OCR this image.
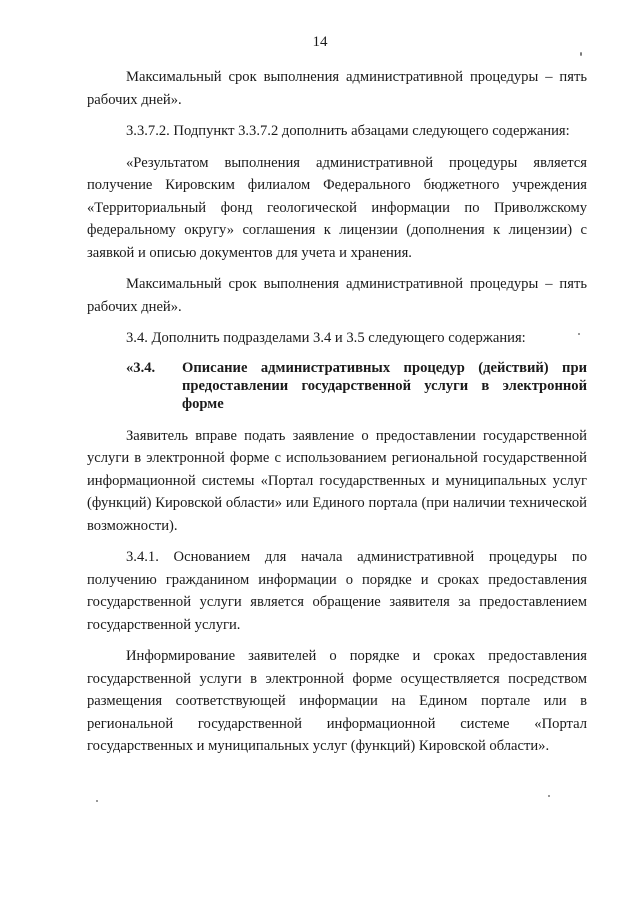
14

Максимальный срок выполнения административной процедуры – пять рабочих дней».

3.3.7.2. Подпункт 3.3.7.2 дополнить абзацами следующего содержания:

«Результатом выполнения административной процедуры является получение Кировским филиалом Федерального бюджетного учреждения «Территориальный фонд геологической информации по Приволжскому федеральному округу» соглашения к лицензии (дополнения к лицензии) с заявкой и описью документов для учета и хранения.

Максимальный срок выполнения административной процедуры – пять рабочих дней».

3.4. Дополнить подразделами 3.4 и 3.5 следующего содержания:

«3.4.	Описание административных процедур (действий) при предоставлении государственной услуги в электронной форме

Заявитель вправе подать заявление о предоставлении государственной услуги в электронной форме с использованием региональной государственной информационной системы «Портал государственных и муниципальных услуг (функций) Кировской области» или Единого портала (при наличии технической возможности).

3.4.1. Основанием для начала административной процедуры по получению гражданином информации о порядке и сроках предоставления государственной услуги является обращение заявителя за предоставлением государственной услуги.

Информирование заявителей о порядке и сроках предоставления государственной услуги в электронной форме осуществляется посредством размещения соответствующей информации на Едином портале или в региональной государственной информационной системе «Портал государственных и муниципальных услуг (функций) Кировской области».
